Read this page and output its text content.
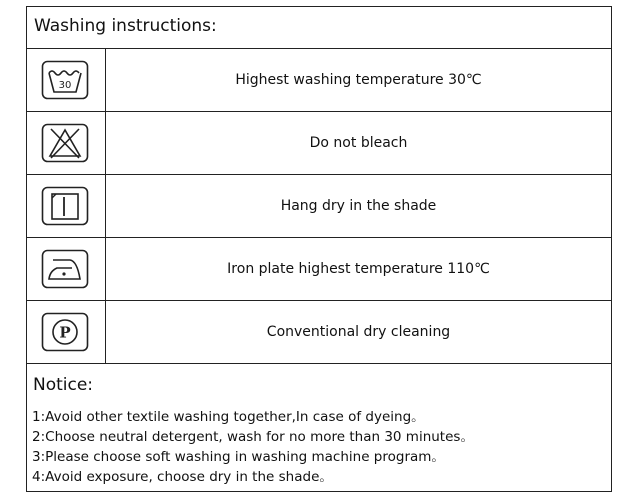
Washing instructions:
30	Highest washing temperature 30℃
Do not bleach
Hang dry in the shade
Iron plate highest temperature 110℃
P	Conventional dry cleaning
Notice:
1:Avoid other textile washing together,In case of dyeing。
2:Choose neutral detergent, wash for no more than 30 minutes。
3:Please choose soft washing in washing machine program。
4:Avoid exposure, choose dry in the shade。
